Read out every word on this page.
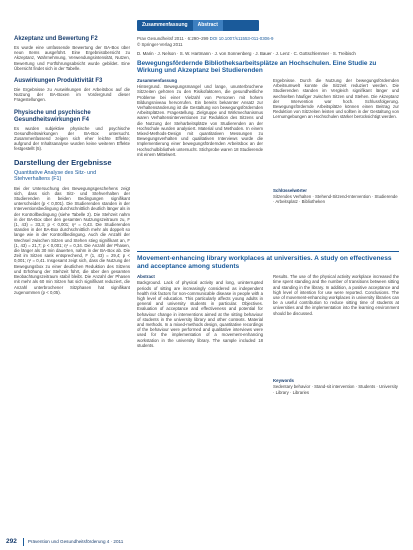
Akzeptanz und Bewertung F2
Es wurde eine umfassende Bewertung der BA-Box über neun Items ausgeführt. Eine Ergebnisübersicht zu Akzeptanz, Wahrnehmung, Verwendungsintensität, Nutzen, Bewertung und Fortführungsabsicht wurde gebildet. Eine Übersicht findet sich in der Tabelle.
Auswirkungen Produktivität F3
Die Ergebnisse zu Auswirkungen der Arbeitsbox auf die Nutzung der BA-Boxen im Vordergrund dieser Fragestellungen.
Physische und psychische Gesundheitswirkungen F4
Es wurden subjektive physische und psychische Gesundheitswirkungen der BA-Box untersucht. Zusammenfassend zeigen sich eher leichte Effekte; aufgrund der Inhaltsanalyse wurden keine weiteren Effekte festgestellt (5).
Darstellung der Ergebnisse
Quantitative Analyse des Sitz- und Stehverhaltens (F1)
Bei der Untersuchung des Bewegungsgeschehens zeigt sich, dass sich das Sitz- und Stehverhalten der Studierenden in beiden Bedingungen signifikant unterscheidet (p < 0,001). Die Studierenden standen in der Interventionsbedingung durchschnittlich deutlich länger als in der Kontrollbedingung (siehe Tabelle 2). Die Stehzeit nahm in der BA-Box über den gesamten Nutzungszeitraum zu, F (1, 43) = 33,3; p < 0,001; η² = 0,43. Die Studierenden standen in der BA-Box durchschnittlich mehr als doppelt so lange wie in der Kontrollbedingung. Auch die Anzahl der Wechsel zwischen Sitzen und Stehen stieg signifikant an, F (1, 43) = 21,7; p < 0,001; η² = 0,34. Die Anzahl der Phasen, die länger als 30 min dauerten, nahm in der BA-Box ab. Die Zeit im Sitzen sank entsprechend, F (1, 43) = 29,4; p < 0,001; η² = 0,41. Insgesamt zeigt sich, dass die Nutzung der Bewegungsbox zu einer deutlichen Reduktion des Sitzens und Erhöhung der Stehzeit führt, die über den gesamten Beobachtungszeitraum stabil bleibt. Die Anzahl der Phasen mit mehr als 60 min Sitzen hat sich signifikant reduziert, die Anzahl unterbrochener Sitzphasen hat signifikant zugenommen (p < 0,05).
Zusammenfassung	Abstract
Prav Gesundheitsf 2011 · 6:290–299 DOI 10.1007/s11553-011-0306-9
© Springer-Verlag 2011
D. Marin · J. Nelson · S. W. Hartmann · J. von Sonnenberg · J. Bauer · J. Lenz · C. Gottschlemmer · S. Treibisch
Bewegungsfördernde Bibliotheksarbeitsplätze an Hochschulen. Eine Studie zu Wirkung und Akzeptanz bei Studierenden
Zusammenfassung
Hintergrund. Bewegungsmangel und lange, ununterbrochene Sitzzeiten gehören zu den Risikofaktoren, die gesundheitliche Probleme bei einer Vielzahl von Personen mit hohem Bildungsniveau hervorrufen. Ein bereits bekannter Ansatz zur Verhaltensänderung ist die Gestaltung von bewegungsfördernden Arbeitsplätzen. Fragestellung. Zielgruppe und Wirkmechanismus waren Verhaltensinterventionen zur Reduktion des Sitzens und die Nutzung der Steharbeitsplätze von Studierenden an der Hochschule wurden analysiert. Material und Methoden. In einem Mixed-Methods-Design mit quantitativen Messungen zu Bewegungsverhalten und qualitativen Interviews wurde die Implementierung einer bewegungsfördernden Arbeitsbox an der Hochschulbibliothek untersucht. Stichprobe waren 18 Studierende mit einem Mittelwert.
Ergebnisse. Durch die Nutzung der bewegungsfördernden Arbeitsumwelt konnte die Sitzzeit reduziert werden. Die Studierenden standen im Vergleich signifikant länger und wechselten häufiger zwischen Sitzen und Stehen. Die Akzeptanz der Intervention war hoch. Schlussfolgerung. Bewegungsfördernde Arbeitsplätze können einen Beitrag zur Reduktion von Sitzzeiten leisten und sollten in der Gestaltung von Lernumgebungen an Hochschulen stärker berücksichtigt werden.
Schlüsselwörter
Sitzendes Verhalten · Stehend-Sitzend-Intervention · Studierende · Arbeitsplatz · Bibliotheken
Movement-enhancing library workplaces at universities. A study on effectiveness and acceptance among students
Abstract
Background. Lack of physical activity and long, uninterrupted periods of sitting are increasingly considered as independent health risk factors for non-communicable disease in people with a high level of education. This particularly affects young adults in general and university students in particular. Objectives. Evaluation of acceptance and effectiveness and potential for behaviour change in interventions aimed at the sitting behaviour of students in the university library and other contexts. Material and methods. In a mixed-methods design, quantitative recordings of the behaviour were performed and qualitative interviews were used for the implementation of a movement-enhancing workstation in the university library. The sample included 18 students.
Results. The use of the physical activity workplace increased the time spent standing and the number of transitions between sitting and standing in the library. In addition, a positive acceptance and high level of intention for use were reported. Conclusions. The use of movement-enhancing workplaces in university libraries can be a useful contribution to reduce sitting time of students at universities and the implementation into the learning environment should be discussed.
Keywords
Sedentary behavior · Stand-sit intervention · Students · University · Library · Libraries
292 Prävention und Gesundheitsförderung 4 · 2011
